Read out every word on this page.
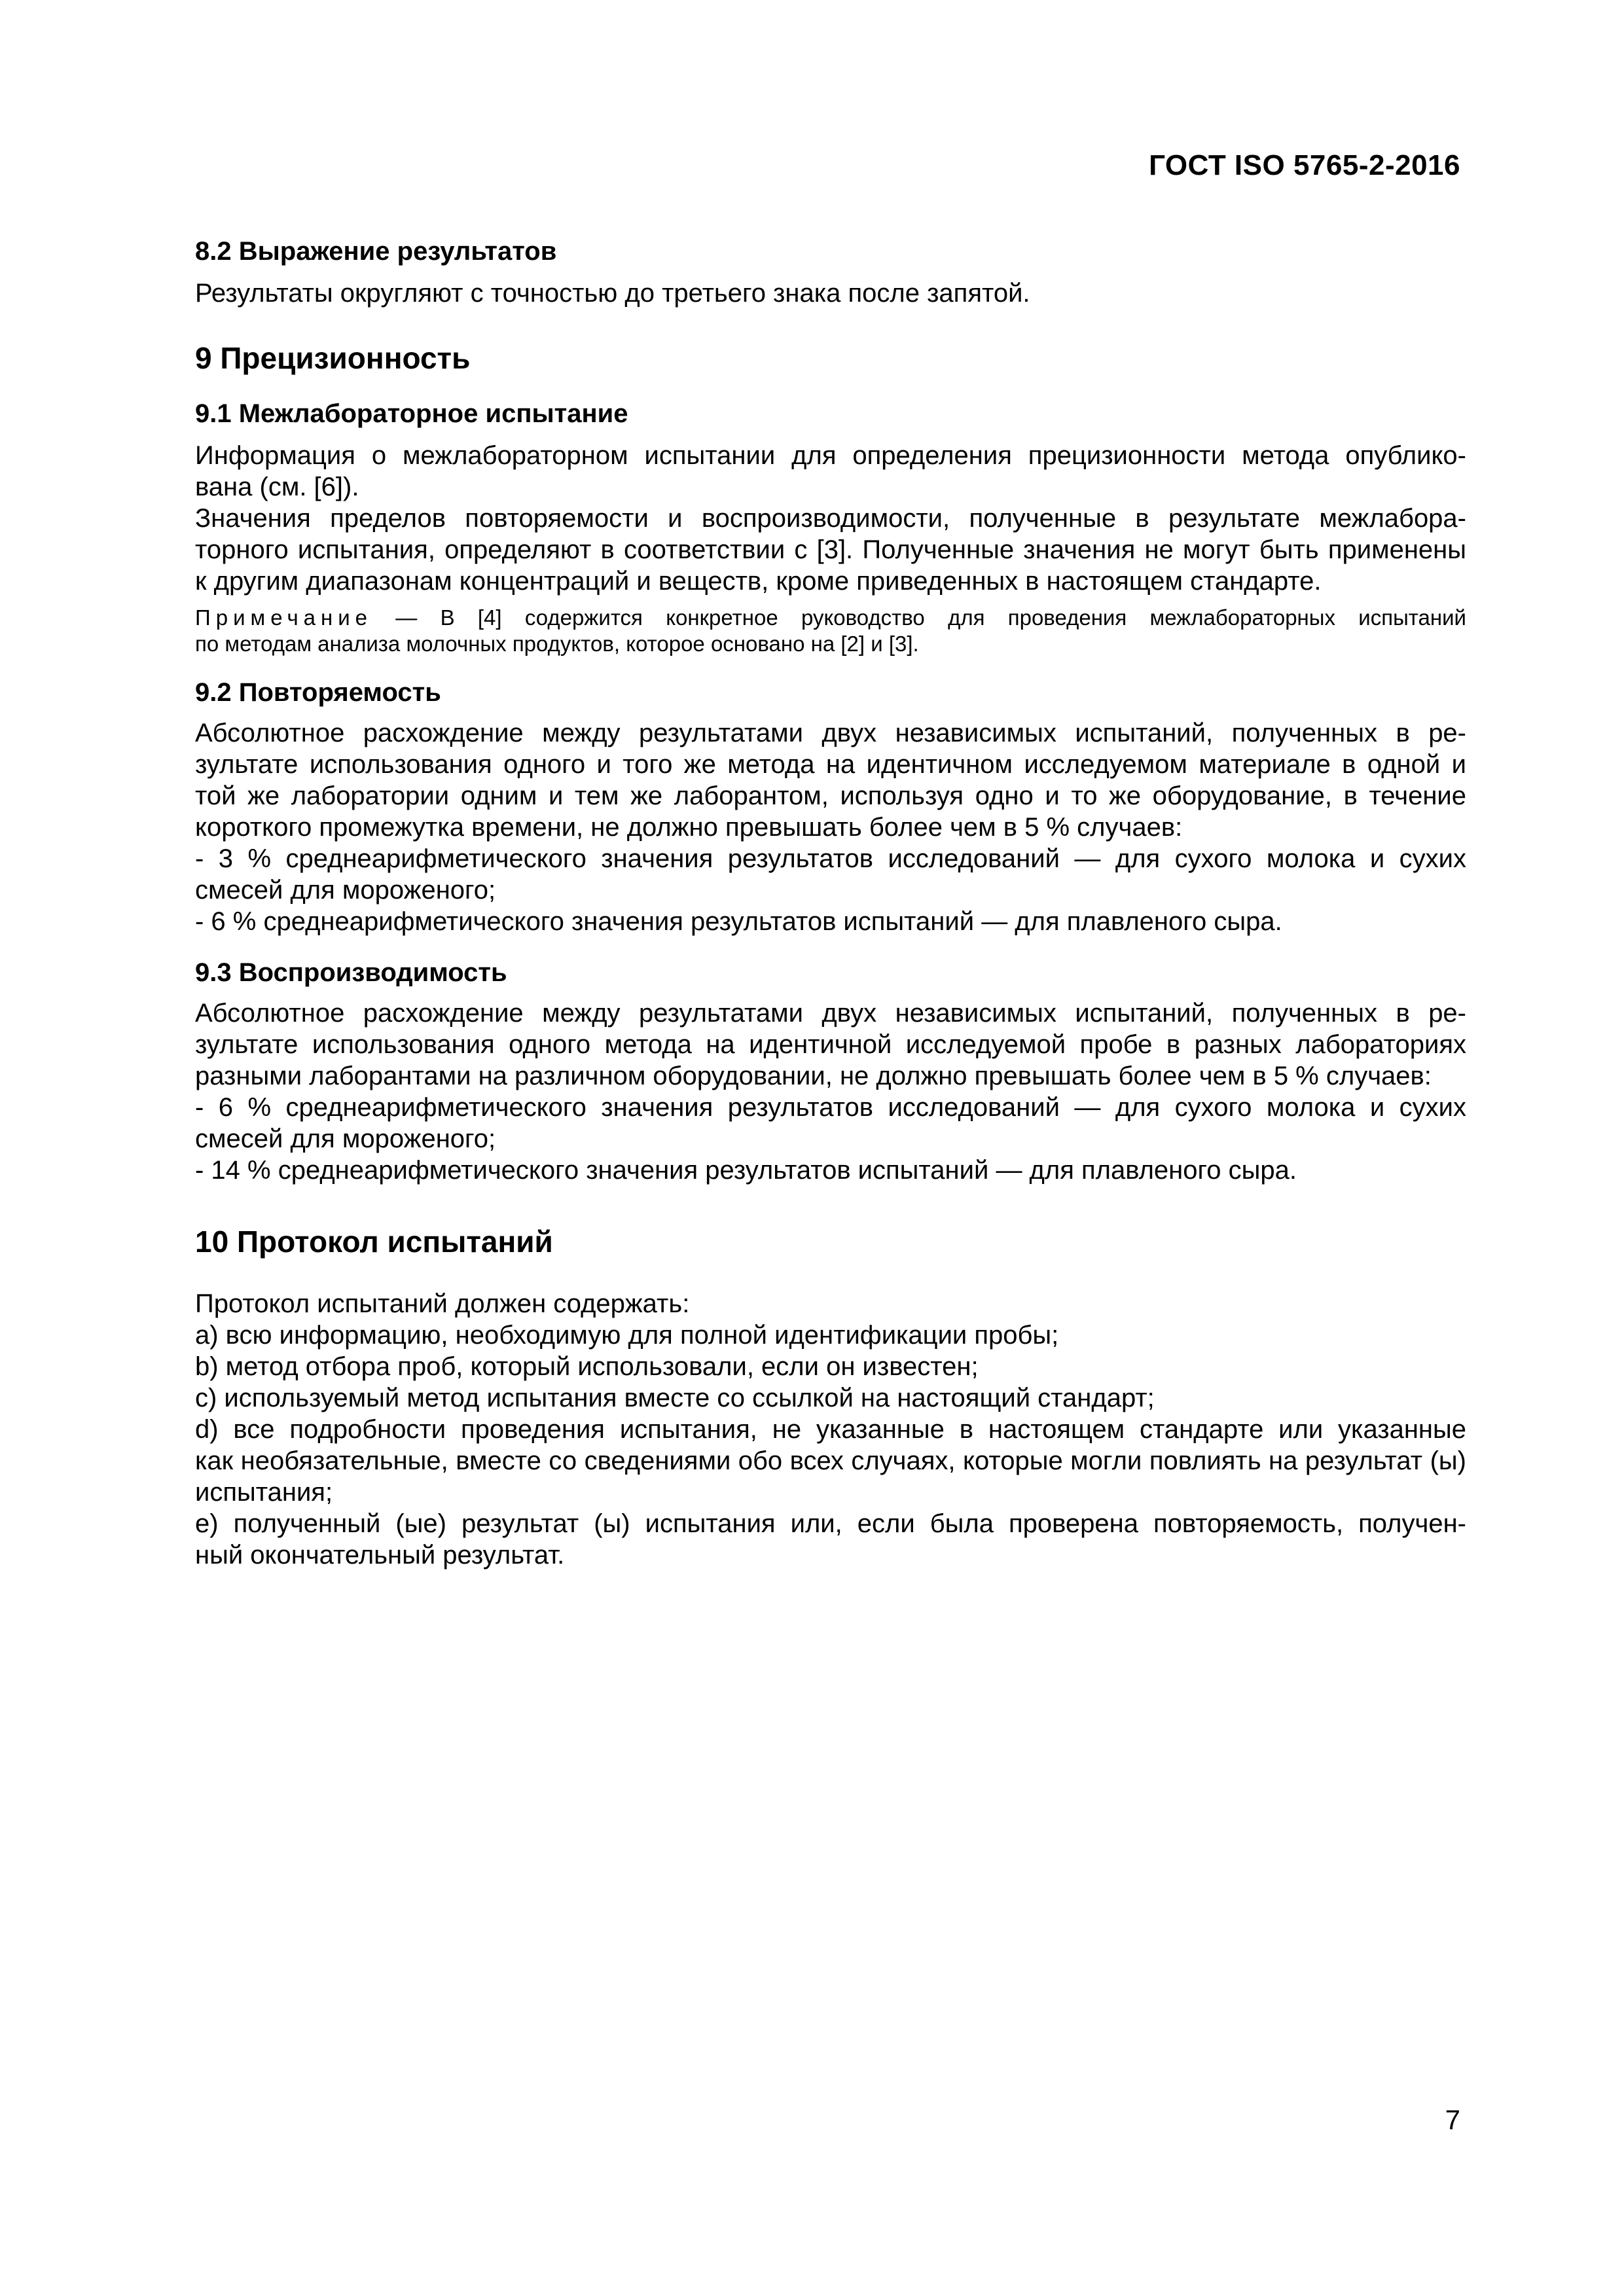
ГОСТ ISO 5765-2-2016
8.2 Выражение результатов
Результаты округляют с точностью до третьего знака после запятой.
9 Прецизионность
9.1 Межлабораторное испытание
Информация о межлабораторном испытании для определения прецизионности метода опублико-
вана (см. [6]).
Значения пределов повторяемости и воспроизводимости, полученные в результате межлабора-
торного испытания, определяют в соответствии с [3]. Полученные значения не могут быть применены
к другим диапазонам концентраций и веществ, кроме приведенных в настоящем стандарте.
Примечание — В [4] содержится конкретное руководство для проведения межлабораторных испытаний
по методам анализа молочных продуктов, которое основано на [2] и [3].
9.2 Повторяемость
Абсолютное расхождение между результатами двух независимых испытаний, полученных в ре-
зультате использования одного и того же метода на идентичном исследуемом материале в одной и
той же лаборатории одним и тем же лаборантом, используя одно и то же оборудование, в течение
короткого промежутка времени, не должно превышать более чем в 5 % случаев:
- 3 % среднеарифметического значения результатов исследований — для сухого молока и сухих
смесей для мороженого;
- 6 % среднеарифметического значения результатов испытаний — для плавленого сыра.
9.3 Воспроизводимость
Абсолютное расхождение между результатами двух независимых испытаний, полученных в ре-
зультате использования одного метода на идентичной исследуемой пробе в разных лабораториях
разными лаборантами на различном оборудовании, не должно превышать более чем в 5 % случаев:
- 6 % среднеарифметического значения результатов исследований — для сухого молока и сухих
смесей для мороженого;
- 14 % среднеарифметического значения результатов испытаний — для плавленого сыра.
10 Протокол испытаний
Протокол испытаний должен содержать:
а) всю информацию, необходимую для полной идентификации пробы;
b) метод отбора проб, который использовали, если он известен;
с) используемый метод испытания вместе со ссылкой на настоящий стандарт;
d) все подробности проведения испытания, не указанные в настоящем стандарте или указанные
как необязательные, вместе со сведениями обо всех случаях, которые могли повлиять на результат (ы)
испытания;
е) полученный (ые) результат (ы) испытания или, если была проверена повторяемость, получен-
ный окончательный результат.
7
